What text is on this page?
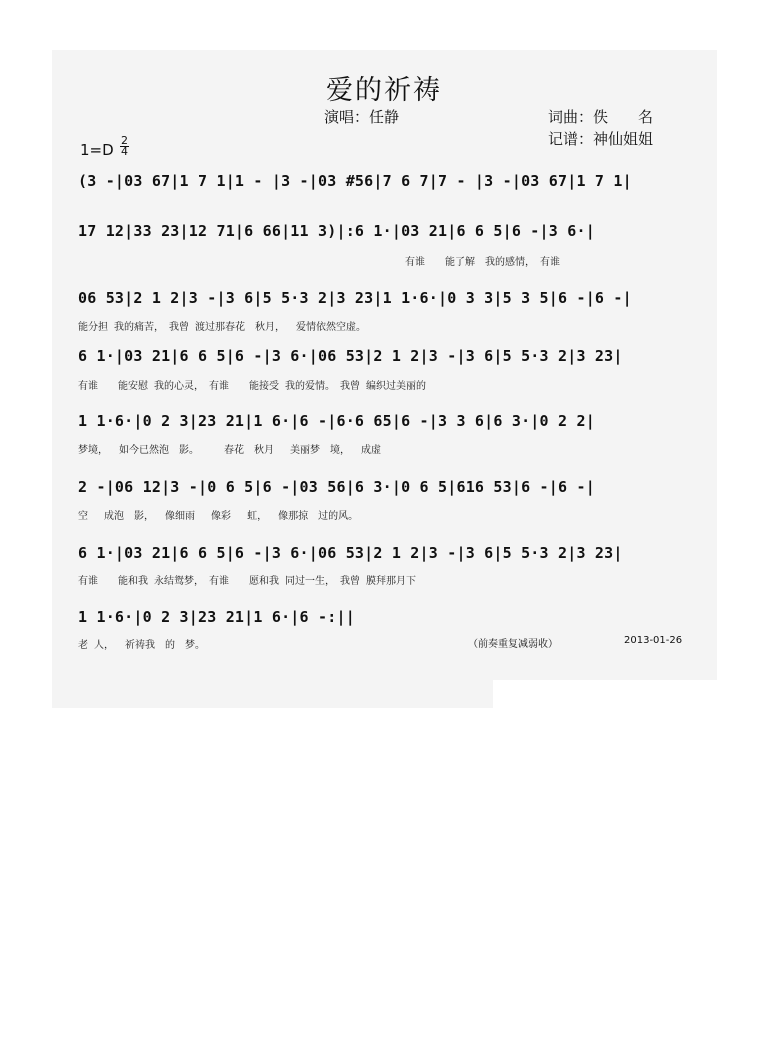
爱的祈祷
演唱：任静	词曲：佚　　名
记谱：神仙姐姐
$1=D \frac{2}{4}$
(3 -|03 67|1 7 1|1 - |3 -|03 #56|7 6 7|7 - |3 -|03 67|1 7 1|
17 12|33 23|12 71|6 66|11 3)|:6 1·|03 21|6 6 5|6 -|3 6·|
有谁　　能了解　我的感情，　有谁
06 53|2 1 2|3 -|3 6|5 5·3 2|3 23|1 1·6·|0 3 3|5 3 5|6 -|6 -|
能分担 我的痛苦，　我曾 渡过那春花　秋月，　 爱情依然空虚。
6 1·|03 21|6 6 5|6 -|3 6·|06 53|2 1 2|3 -|3 6|5 5·3 2|3 23|
有谁　　能安慰 我的心灵，　有谁　　能接受 我的爱情。　我曾 编织过美丽的
1 1·6·|0 2 3|23 21|1 6·|6 -|6·6 65|6 -|3 3 6|6 3·|0 2 2|
梦境，　 如今已然泡　影。　　　春花　秋月　 美丽梦　境，　 成虚
2 -|06 12|3 -|0 6 5|6 -|03 56|6 3·|0 6 5|616 53|6 -|6 -|
空　 成泡　影，　 像细雨　 像彩　 虹，　 像那掠　过的风。
6 1·|03 21|6 6 5|6 -|3 6·|06 53|2 1 2|3 -|3 6|5 5·3 2|3 23|
有谁　　能和我 永结鸳梦，　有谁　　愿和我 同过一生，　我曾 膜拜那月下
1 1·6·|0 2 3|23 21|1 6·|6 -:||
老 人，　 祈祷我　的　梦。	（前奏重复减弱收）	2013-01-26
